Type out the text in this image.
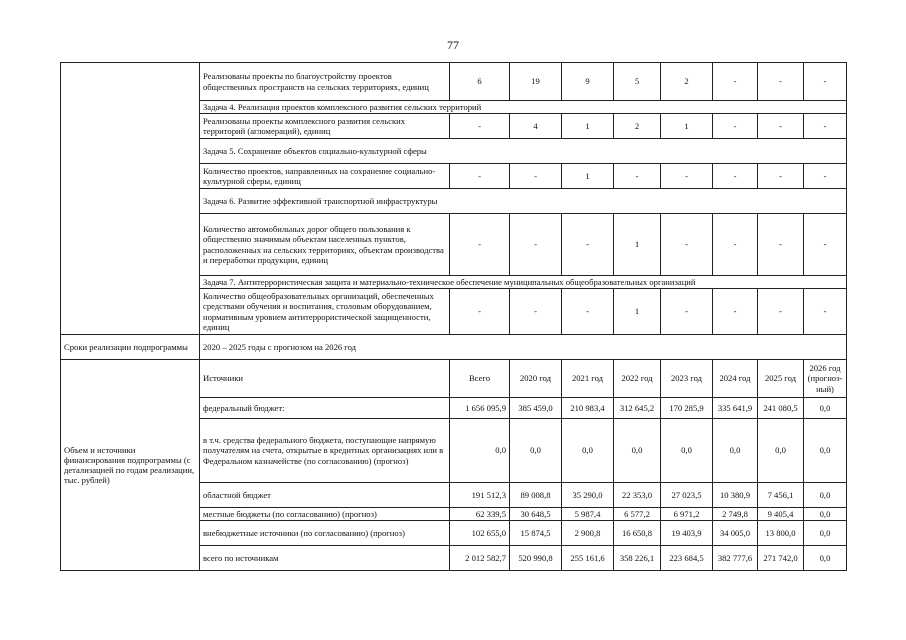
77
	Реализованы проекты по благоустройству проектов общественных пространств на сельских территориях, единиц	6	19	9	5	2	-	-	-
	Задача 4. Реализация проектов комплексного развития сельских территорий								
	Реализованы проекты комплексного развития сельских территорий (агломераций), единиц	-	4	1	2	1	-	-	-
	Задача 5. Сохранение объектов социально-культурной сферы								
	Количество проектов, направленных на сохранение социально-культурной сферы, единиц	-	-	1	-	-	-	-	-
	Задача 6. Развитие эффективной транспортной инфраструктуры								
	Количество автомобильных дорог общего пользования к общественно значимым объектам населенных пунктов, расположенных на сельских территориях, объектам производства и переработки продукции, единиц	-	-	-	1	-	-	-	-
	Задача 7. Антитеррористическая защита и материально-техническое обеспечение муниципальных общеобразовательных организаций								
	Количество общеобразовательных организаций, обеспеченных средствами обучения и воспитания, столовым оборудованием, нормативным уровнем антитеррористической защищенности, единиц	-	-	-	1	-	-	-	-
Сроки реализации подпрограммы	2020 – 2025 годы с прогнозом на 2026 год								
Объем и источники финансирования подпрограммы (с детализацией по годам реализации, тыс. рублей)	Источники	Всего	2020 год	2021 год	2022 год	2023 год	2024 год	2025 год	2026 год (прогноз-ный)
	федеральный бюджет:	1 656 095,9	385 459,0	210 983,4	312 645,2	170 285,9	335 641,9	241 080,5	0,0
	в т.ч. средства федерального бюджета, поступающие напрямую получателям на счета, открытые в кредитных организациях или в Федеральном казначействе (по согласованию) (прогноз)	0,0	0,0	0,0	0,0	0,0	0,0	0,0	0,0
	областной бюджет	191 512,3	89 008,8	35 290,0	22 353,0	27 023,5	10 380,9	7 456,1	0,0
	местные бюджеты (по согласованию) (прогноз)	62 339,5	30 648,5	5 987,4	6 577,2	6 971,2	2 749,8	9 405,4	0,0
	внебюджетные источники (по согласованию) (прогноз)	102 655,0	15 874,5	2 900,8	16 650,8	19 403,9	34 005,0	13 800,0	0,0
	всего по источникам	2 012 582,7	520 990,8	255 161,6	358 226,1	223 684,5	382 777,6	271 742,0	0,0
